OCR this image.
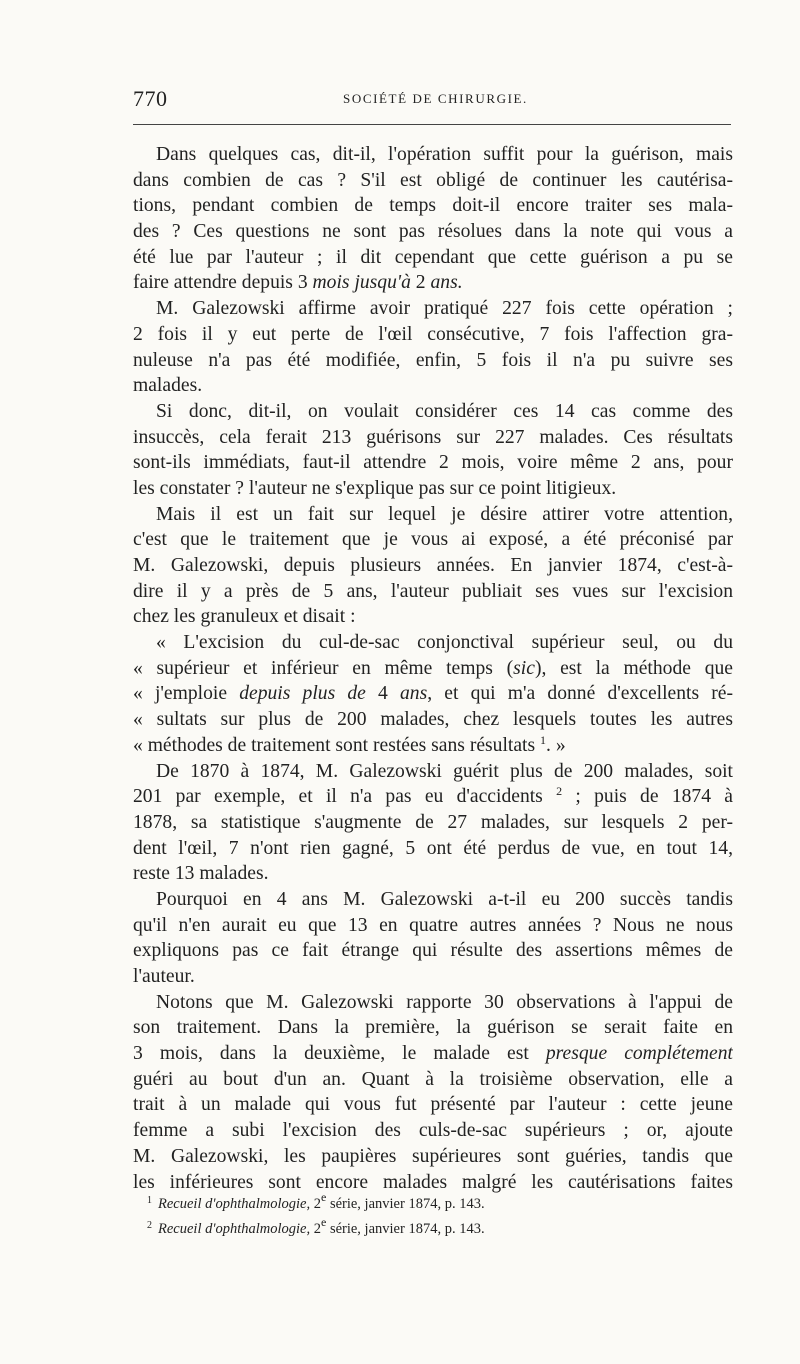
770	SOCIÉTÉ DE CHIRURGIE.
Dans quelques cas, dit-il, l'opération suffit pour la guérison, mais
dans combien de cas ? S'il est obligé de continuer les cautérisa-
tions, pendant combien de temps doit-il encore traiter ses mala-
des ? Ces questions ne sont pas résolues dans la note qui vous a
été lue par l'auteur ; il dit cependant que cette guérison a pu se
faire attendre depuis 3 mois jusqu'à 2 ans.
M. Galezowski affirme avoir pratiqué 227 fois cette opération ;
2 fois il y eut perte de l'œil consécutive, 7 fois l'affection gra-
nuleuse n'a pas été modifiée, enfin, 5 fois il n'a pu suivre ses
malades.
Si donc, dit-il, on voulait considérer ces 14 cas comme des
insuccès, cela ferait 213 guérisons sur 227 malades. Ces résultats
sont-ils immédiats, faut-il attendre 2 mois, voire même 2 ans, pour
les constater ? l'auteur ne s'explique pas sur ce point litigieux.
Mais il est un fait sur lequel je désire attirer votre attention,
c'est que le traitement que je vous ai exposé, a été préconisé par
M. Galezowski, depuis plusieurs années. En janvier 1874, c'est-à-
dire il y a près de 5 ans, l'auteur publiait ses vues sur l'excision
chez les granuleux et disait :
« L'excision du cul-de-sac conjonctival supérieur seul, ou du
« supérieur et inférieur en même temps (sic), est la méthode que
« j'emploie depuis plus de 4 ans, et qui m'a donné d'excellents ré-
« sultats sur plus de 200 malades, chez lesquels toutes les autres
« méthodes de traitement sont restées sans résultats $^1$. »
De 1870 à 1874, M. Galezowski guérit plus de 200 malades, soit
201 par exemple, et il n'a pas eu d'accidents $^2$ ; puis de 1874 à
1878, sa statistique s'augmente de 27 malades, sur lesquels 2 per-
dent l'œil, 7 n'ont rien gagné, 5 ont été perdus de vue, en tout 14,
reste 13 malades.
Pourquoi en 4 ans M. Galezowski a-t-il eu 200 succès tandis
qu'il n'en aurait eu que 13 en quatre autres années ? Nous ne nous
expliquons pas ce fait étrange qui résulte des assertions mêmes de
l'auteur.
Notons que M. Galezowski rapporte 30 observations à l'appui de
son traitement. Dans la première, la guérison se serait faite en
3 mois, dans la deuxième, le malade est presque complétement
guéri au bout d'un an. Quant à la troisième observation, elle a
trait à un malade qui vous fut présenté par l'auteur : cette jeune
femme a subi l'excision des culs-de-sac supérieurs ; or, ajoute
M. Galezowski, les paupières supérieures sont guéries, tandis que
les inférieures sont encore malades malgré les cautérisations faites
$^1$ Recueil d'ophthalmologie, 2e série, janvier 1874, p. 143.
$^2$ Recueil d'ophthalmologie, 2e série, janvier 1874, p. 143.
